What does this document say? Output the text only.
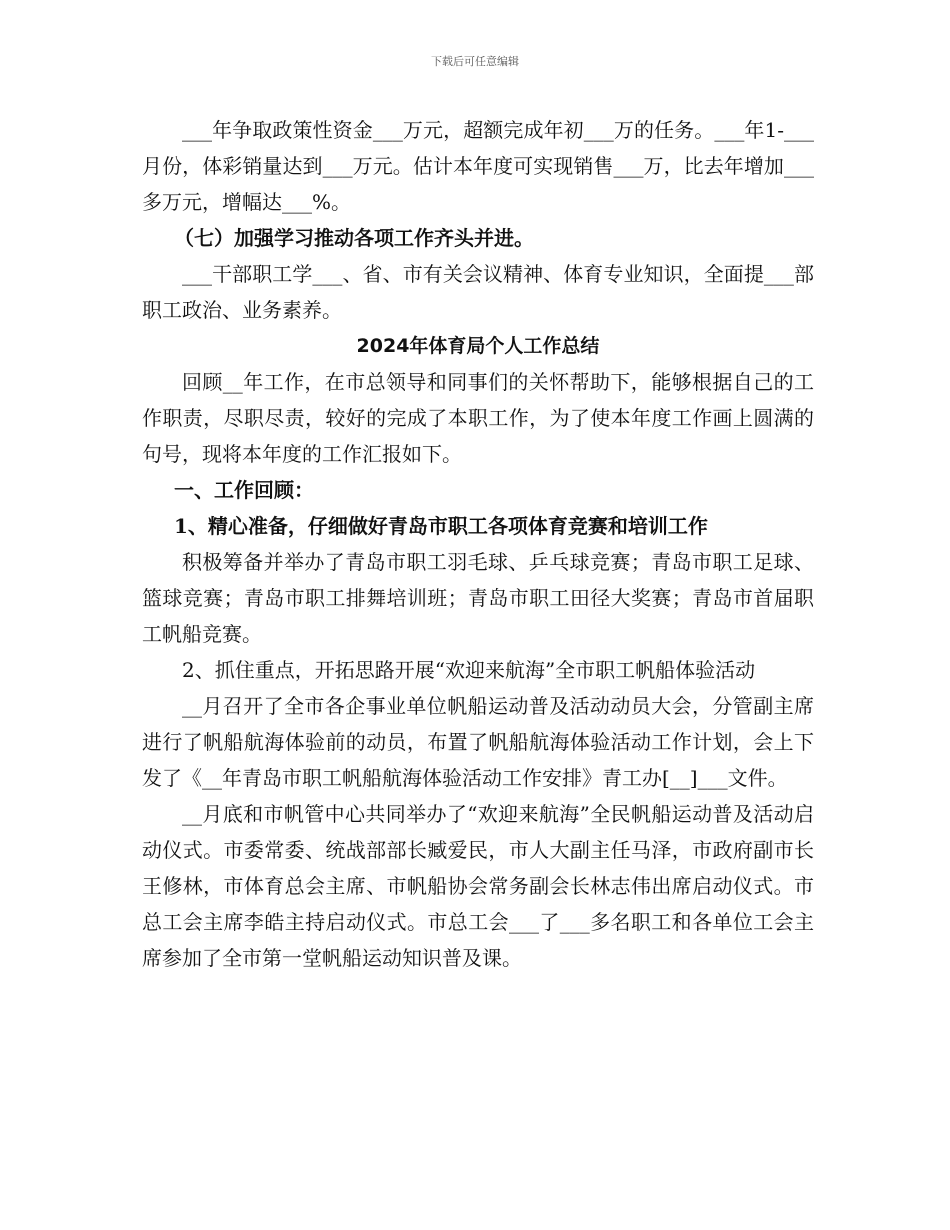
下载后可任意编辑

___年争取政策性资金___万元，超额完成年初___万的任务。___年1-___月份，体彩销量达到___万元。估计本年度可实现销售___万，比去年增加___多万元，增幅达___%。

（七）加强学习推动各项工作齐头并进。

___干部职工学___、省、市有关会议精神、体育专业知识，全面提___部职工政治、业务素养。

2024年体育局个人工作总结

回顾__年工作，在市总领导和同事们的关怀帮助下，能够根据自己的工作职责，尽职尽责，较好的完成了本职工作，为了使本年度工作画上圆满的句号，现将本年度的工作汇报如下。

一、工作回顾：

1、精心准备，仔细做好青岛市职工各项体育竞赛和培训工作

积极筹备并举办了青岛市职工羽毛球、乒乓球竞赛；青岛市职工足球、篮球竞赛；青岛市职工排舞培训班；青岛市职工田径大奖赛；青岛市首届职工帆船竞赛。

2、抓住重点，开拓思路开展“欢迎来航海”全市职工帆船体验活动

__月召开了全市各企事业单位帆船运动普及活动动员大会，分管副主席进行了帆船航海体验前的动员，布置了帆船航海体验活动工作计划，会上下发了《__年青岛市职工帆船航海体验活动工作安排》青工办[__]___文件。

__月底和市帆管中心共同举办了“欢迎来航海”全民帆船运动普及活动启动仪式。市委常委、统战部部长臧爱民，市人大副主任马泽，市政府副市长王修林，市体育总会主席、市帆船协会常务副会长林志伟出席启动仪式。市总工会主席李皓主持启动仪式。市总工会___了___多名职工和各单位工会主席参加了全市第一堂帆船运动知识普及课。
